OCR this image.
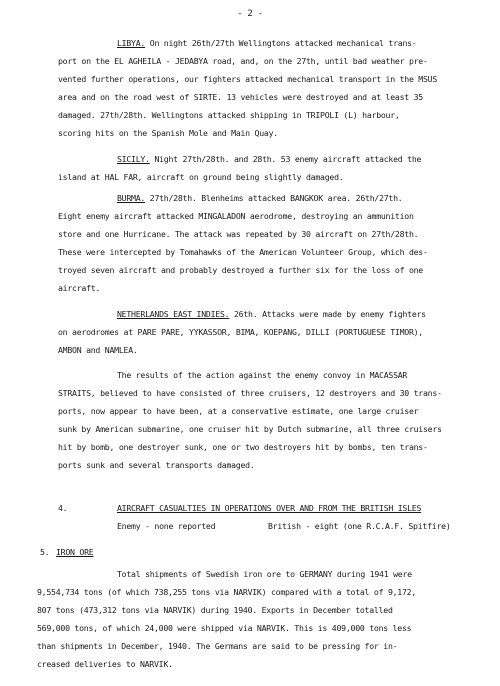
- 2 -
LIBYA. On night 26th/27th Wellingtons attacked mechanical trans-
port on the EL AGHEILA - JEDABYA road, and, on the 27th, until bad weather pre-
vented further operations, our fighters attacked mechanical transport in the MSUS
area and on the road west of SIRTE. 13 vehicles were destroyed and at least 35
damaged. 27th/28th. Wellingtons attacked shipping in TRIPOLI (L) harbour,
scoring hits on the Spanish Mole and Main Quay.
SICILY. Night 27th/28th. and 28th. 53 enemy aircraft attacked the
island at HAL FAR, aircraft on ground being slightly damaged.
BURMA. 27th/28th. Blenheims attacked BANGKOK area. 26th/27th.
Eight enemy aircraft attacked MINGALADON aerodrome, destroying an ammunition
store and one Hurricane. The attack was repeated by 30 aircraft on 27th/28th.
These were intercepted by Tomahawks of the American Volunteer Group, which des-
troyed seven aircraft and probably destroyed a further six for the loss of one
aircraft.
NETHERLANDS EAST INDIES. 26th. Attacks were made by enemy fighters
on aerodromes at PARE PARE, YYKASSOR, BIMA, KOEPANG, DILLI (PORTUGUESE TIMOR),
AMBON and NAMLEA.
The results of the action against the enemy convoy in MACASSAR
STRAITS, believed to have consisted of three cruisers, 12 destroyers and 30 trans-
ports, now appear to have been, at a conservative estimate, one large cruiser
sunk by American submarine, one cruiser hit by Dutch submarine, all three cruisers
hit by bomb, one destroyer sunk, one or two destroyers hit by bombs, ten trans-
ports sunk and several transports damaged.
4.	AIRCRAFT CASUALTIES IN OPERATIONS OVER AND FROM THE BRITISH ISLES
Enemy - none reported	British - eight (one R.C.A.F. Spitfire)
5. IRON ORE
Total shipments of Swedish iron ore to GERMANY during 1941 were
9,554,734 tons (of which 738,255 tons via NARVIK) compared with a total of 9,172,
807 tons (473,312 tons via NARVIK) during 1940. Exports in December totalled
569,000 tons, of which 24,000 were shipped via NARVIK. This is 409,000 tons less
than shipments in December, 1940. The Germans are said to be pressing for in-
creased deliveries to NARVIK.
